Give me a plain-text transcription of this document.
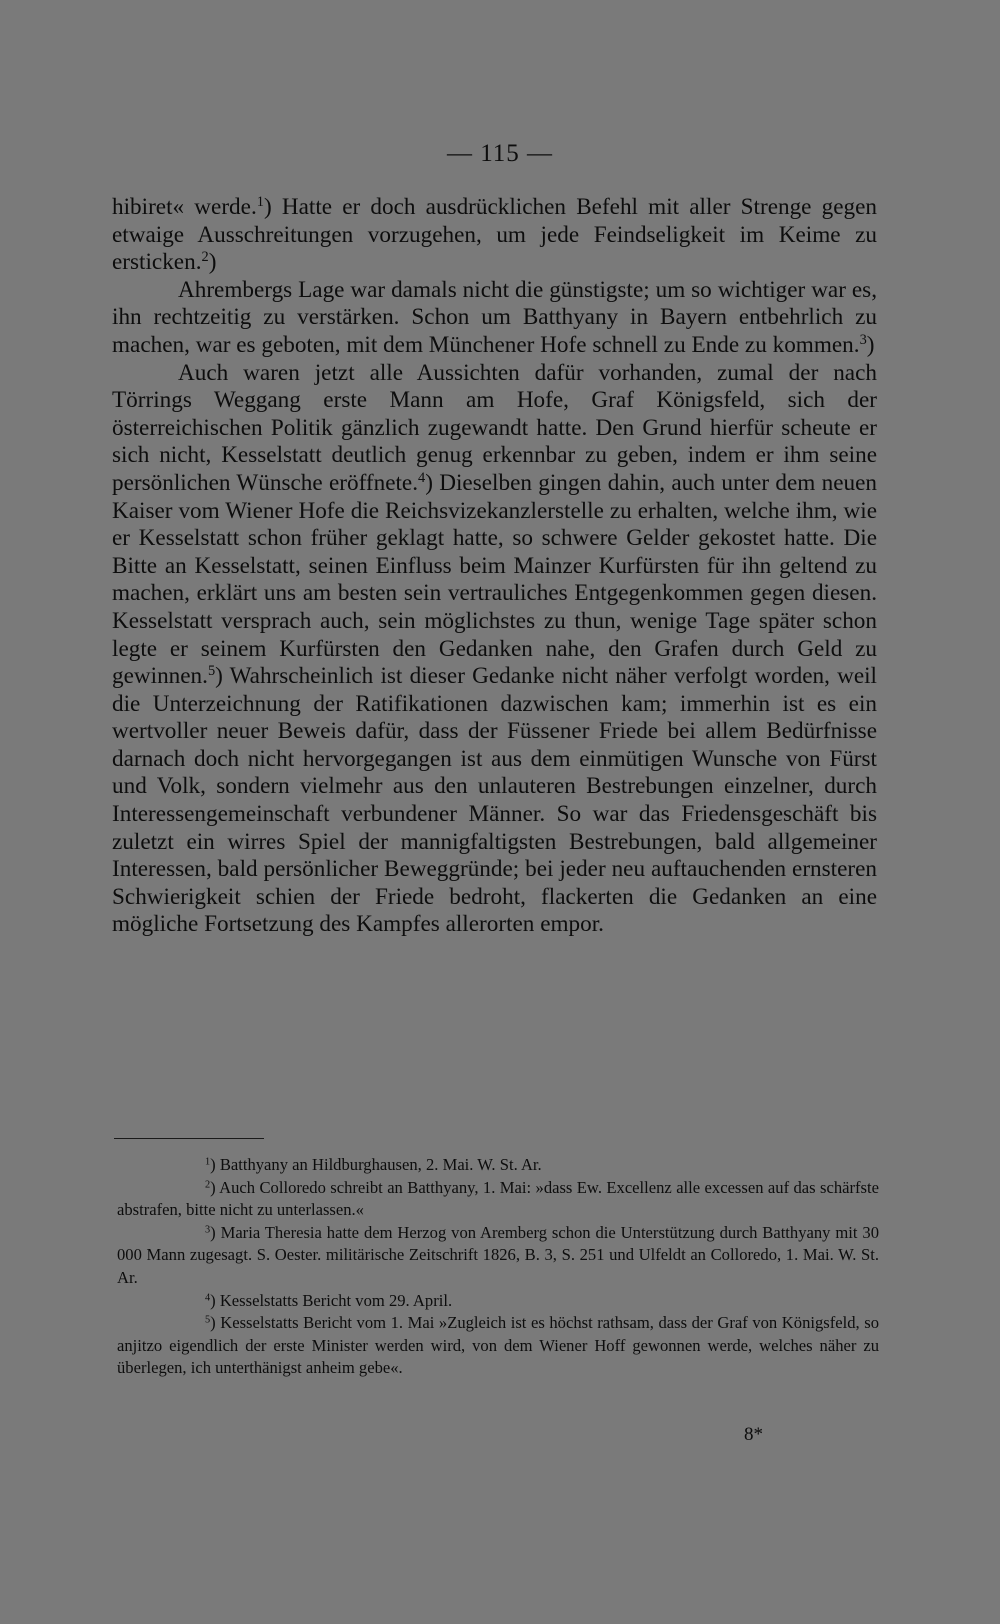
— 115 —

hibiret« werde.$^1$) Hatte er doch ausdrücklichen Befehl mit aller Strenge gegen etwaige Ausschreitungen vorzugehen, um jede Feindseligkeit im Keime zu ersticken.$^2$)

Ahrembergs Lage war damals nicht die günstigste; um so wichtiger war es, ihn rechtzeitig zu verstärken. Schon um Batthyany in Bayern entbehrlich zu machen, war es geboten, mit dem Münchener Hofe schnell zu Ende zu kommen.$^3$)

Auch waren jetzt alle Aussichten dafür vorhanden, zumal der nach Törrings Weggang erste Mann am Hofe, Graf Königsfeld, sich der österreichischen Politik gänzlich zugewandt hatte. Den Grund hierfür scheute er sich nicht, Kesselstatt deutlich genug erkennbar zu geben, indem er ihm seine persönlichen Wünsche eröffnete.$^4$) Dieselben gingen dahin, auch unter dem neuen Kaiser vom Wiener Hofe die Reichsvizekanzlerstelle zu erhalten, welche ihm, wie er Kesselstatt schon früher geklagt hatte, so schwere Gelder gekostet hatte. Die Bitte an Kesselstatt, seinen Einfluss beim Mainzer Kurfürsten für ihn geltend zu machen, erklärt uns am besten sein vertrauliches Entgegenkommen gegen diesen. Kesselstatt versprach auch, sein möglichstes zu thun, wenige Tage später schon legte er seinem Kurfürsten den Gedanken nahe, den Grafen durch Geld zu gewinnen.$^5$) Wahrscheinlich ist dieser Gedanke nicht näher verfolgt worden, weil die Unterzeichnung der Ratifikationen dazwischen kam; immerhin ist es ein wertvoller neuer Beweis dafür, dass der Füssener Friede bei allem Bedürfnisse darnach doch nicht hervorgegangen ist aus dem einmütigen Wunsche von Fürst und Volk, sondern vielmehr aus den unlauteren Bestrebungen einzelner, durch Interessengemeinschaft verbundener Männer. So war das Friedensgeschäft bis zuletzt ein wirres Spiel der mannigfaltigsten Bestrebungen, bald allgemeiner Interessen, bald persönlicher Beweggründe; bei jeder neu auftauchenden ernsteren Schwierigkeit schien der Friede bedroht, flackerten die Gedanken an eine mögliche Fortsetzung des Kampfes allerorten empor.

$^1$) Batthyany an Hildburghausen, 2. Mai. W. St. Ar.

$^2$) Auch Colloredo schreibt an Batthyany, 1. Mai: »dass Ew. Excellenz alle excessen auf das schärfste abstrafen, bitte nicht zu unterlassen.«

$^3$) Maria Theresia hatte dem Herzog von Aremberg schon die Unterstützung durch Batthyany mit 30 000 Mann zugesagt. S. Oester. militärische Zeitschrift 1826, B. 3, S. 251 und Ulfeldt an Colloredo, 1. Mai. W. St. Ar.

$^4$) Kesselstatts Bericht vom 29. April.

$^5$) Kesselstatts Bericht vom 1. Mai »Zugleich ist es höchst rathsam, dass der Graf von Königsfeld, so anjitzo eigendlich der erste Minister werden wird, von dem Wiener Hoff gewonnen werde, welches näher zu überlegen, ich unterthänigst anheim gebe«.

8*
